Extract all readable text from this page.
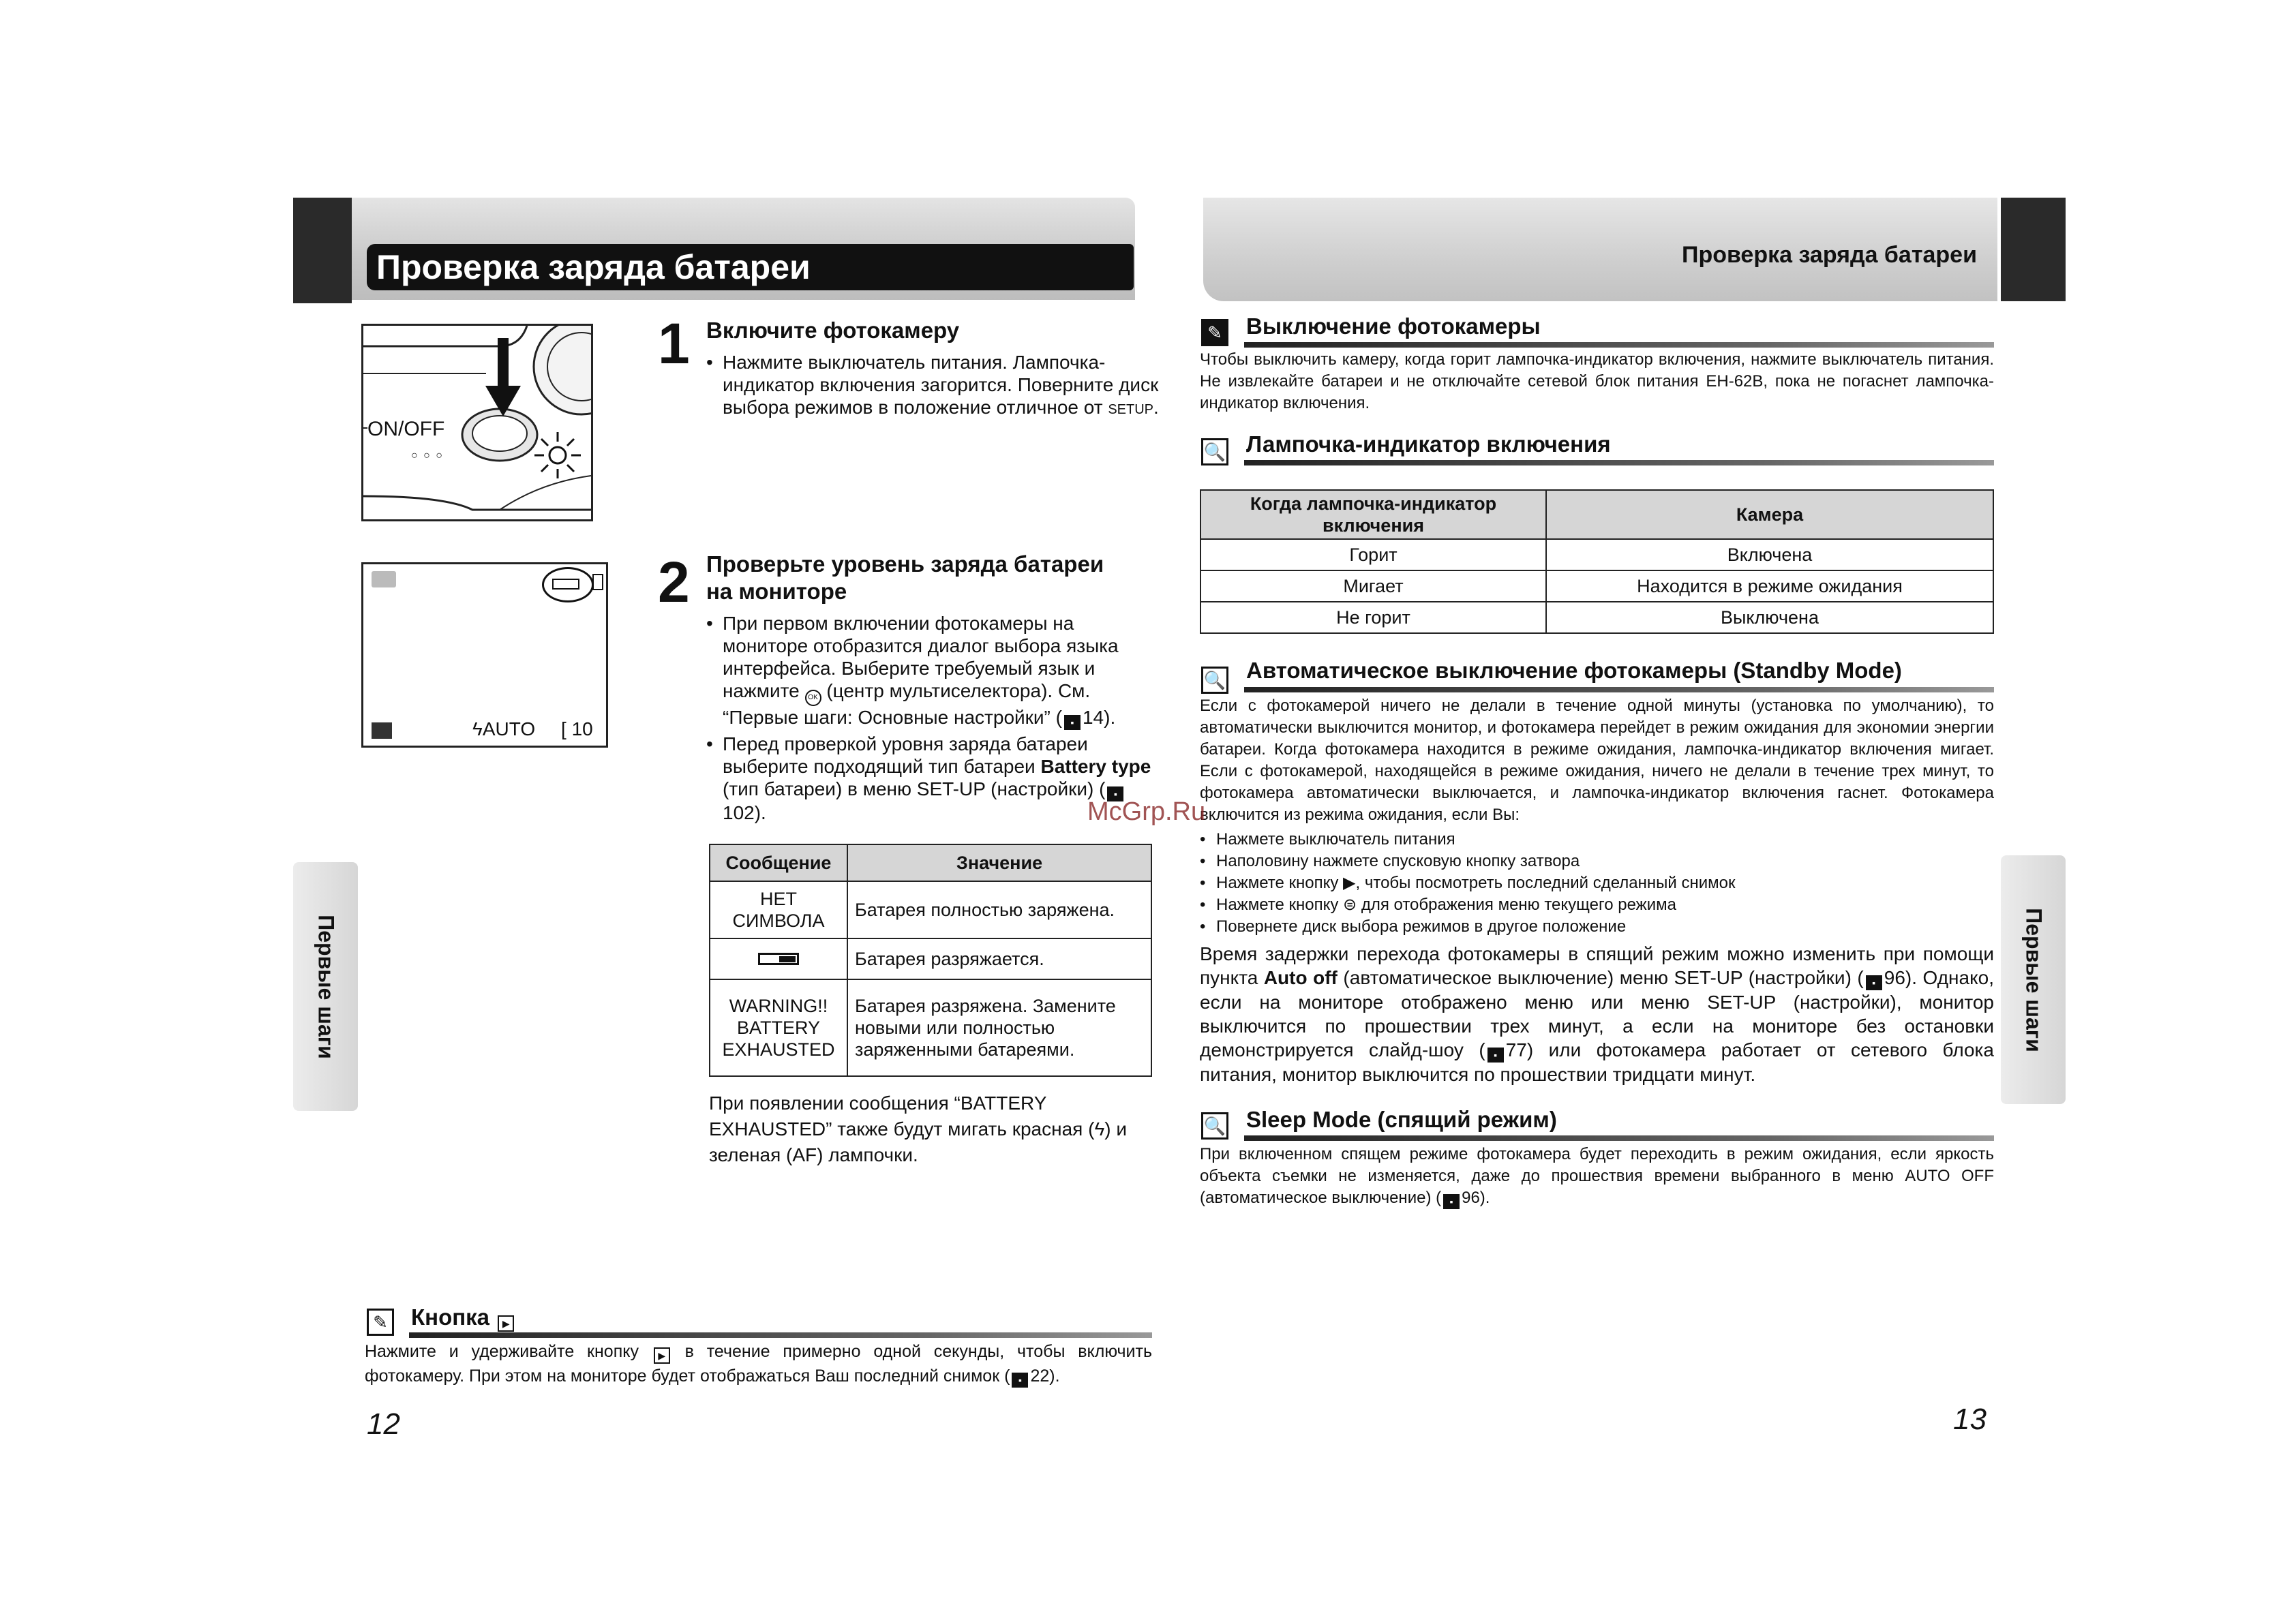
Проверка заряда батареи	Проверка заряда батареи
Первые шаги	Первые шаги
ON/OFF
○ ○ ○
ϟAUTO [ 10
1 Включите фотокамеру
• Нажмите выключатель питания. Лампочка-индикатор включения загорится. Поверните диск выбора режимов в положение отличное от SETUP.
2 Проверьте уровень заряда батареи на мониторе
• При первом включении фотокамеры на мониторе отобразится диалог выбора языка интерфейса. Выберите требуемый язык и нажмите OK (центр мультиселектора). См. “Первые шаги: Основные настройки” ( ▪ 14).
• Перед проверкой уровня заряда батареи выберите подходящий тип батареи Battery type (тип батареи) в меню SET-UP (настройки) ( ▪102).
Сообщение	Значение
НЕТ СИМВОЛА	Батарея полностью заряжена.

	Батарея разряжается.
WARNING!! BATTERY EXHAUSTED	Батарея разряжена. Замените новыми или полностью заряженными батареями.
При появлении сообщения “BATTERY EXHAUSTED” также будут мигать красная (ϟ) и зеленая (AF) лампочки.
✎ Кнопка ▶
Нажмите и удерживайте кнопку ▶ в течение примерно одной секунды, чтобы включить фотокамеру. При этом на мониторе будет отображаться Ваш последний снимок ( ▪ 22).
12	13
✎ Выключение фотокамеры
Чтобы выключить камеру, когда горит лампочка-индикатор включения, нажмите выключатель питания. Не извлекайте батареи и не отключайте сетевой блок питания EH-62B, пока не погаснет лампочка-индикатор включения.
🔍 Лампочка-индикатор включения
Когда лампочка-индикатор включения	Камера
Горит	Включена
Мигает	Находится в режиме ожидания
Не горит	Выключена
🔍 Автоматическое выключение фотокамеры (Standby Mode)
Если с фотокамерой ничего не делали в течение одной минуты (установка по умолчанию), то автоматически выключится монитор, и фотокамера перейдет в режим ожидания для экономии энергии батареи. Когда фотокамера находится в режиме ожидания, лампочка-индикатор включения мигает. Если с фотокамерой, находящейся в режиме ожидания, ничего не делали в течение трех минут, то фотокамера автоматически выключается, и лампочка-индикатор включения гаснет. Фотокамера включится из режима ожидания, если Вы:
• Нажмете выключатель питания
• Наполовину нажмете спусковую кнопку затвора
• Нажмете кнопку ▶, чтобы посмотреть последний сделанный снимок
• Нажмете кнопку ⊜ для отображения меню текущего режима
• Повернете диск выбора режимов в другое положение
Время задержки перехода фотокамеры в спящий режим можно изменить при помощи пункта Auto off (автоматическое выключение) меню SET-UP (настройки) ( ▪ 96). Однако, если на мониторе отображено меню или меню SET-UP (настройки), монитор выключится по прошествии трех минут, а если на мониторе без остановки демонстрируется слайд-шоу ( ▪ 77) или фотокамера работает от сетевого блока питания, монитор выключится по прошествии тридцати минут.
🔍 Sleep Mode (спящий режим)
При включенном спящем режиме фотокамера будет переходить в режим ожидания, если яркость объекта съемки не изменяется, даже до прошествия времени выбранного в меню AUTO OFF (автоматическое выключение) ( ▪ 96).
McGrp.Ru
